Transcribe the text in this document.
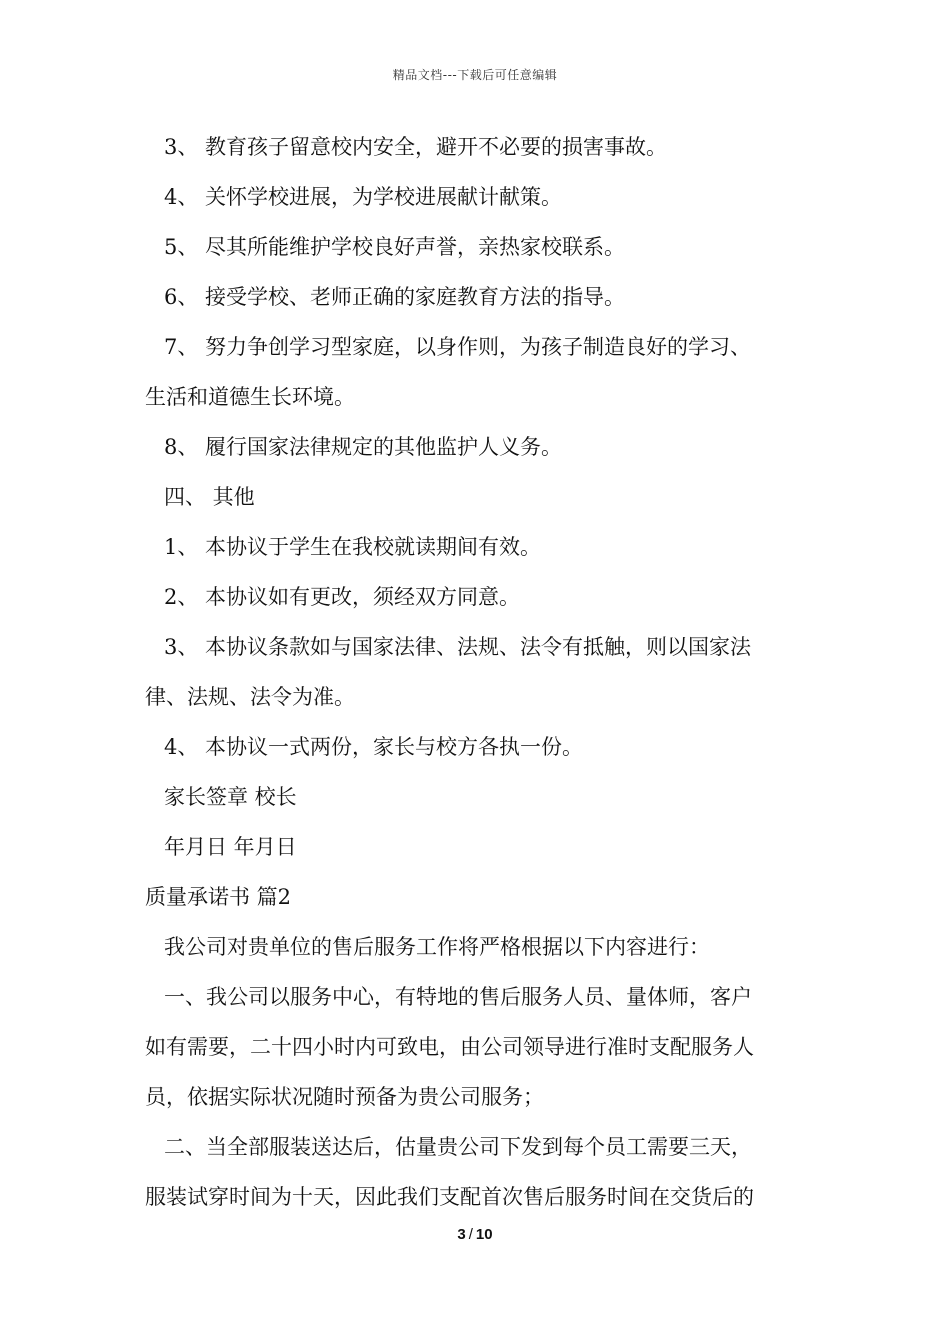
精品文档---下载后可任意编辑
3、 教育孩子留意校内安全，避开不必要的损害事故。
4、 关怀学校进展，为学校进展献计献策。
5、 尽其所能维护学校良好声誉，亲热家校联系。
6、 接受学校、老师正确的家庭教育方法的指导。
7、 努力争创学习型家庭，以身作则，为孩子制造良好的学习、
生活和道德生长环境。
8、 履行国家法律规定的其他监护人义务。
四、 其他
1、 本协议于学生在我校就读期间有效。
2、 本协议如有更改，须经双方同意。
3、 本协议条款如与国家法律、法规、法令有抵触，则以国家法
律、法规、法令为准。
4、 本协议一式两份，家长与校方各执一份。
家长签章 校长
年月日 年月日
质量承诺书 篇2
我公司对贵单位的售后服务工作将严格根据以下内容进行：
一、我公司以服务中心，有特地的售后服务人员、量体师，客户
如有需要，二十四小时内可致电，由公司领导进行准时支配服务人
员，依据实际状况随时预备为贵公司服务；
二、当全部服装送达后，估量贵公司下发到每个员工需要三天，
服装试穿时间为十天，因此我们支配首次售后服务时间在交货后的
3 / 10
